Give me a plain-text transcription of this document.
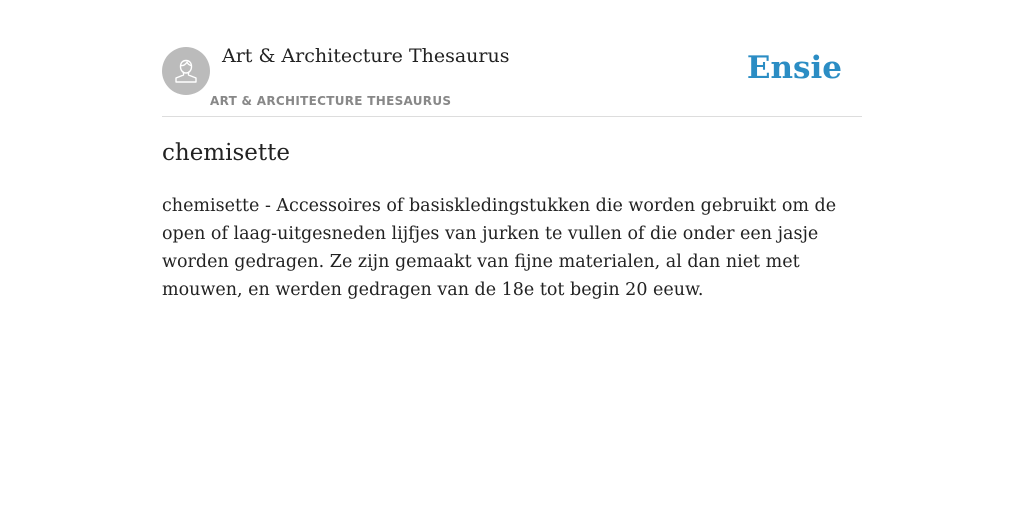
Art & Architecture Thesaurus
ART & ARCHITECTURE THESAURUS
Ensie
chemisette

chemisette - Accessoires of basiskledingstukken die worden gebruikt om de open of laag-uitgesneden lijfjes van jurken te vullen of die onder een jasje worden gedragen. Ze zijn gemaakt van fijne materialen, al dan niet met mouwen, en werden gedragen van de 18e tot begin 20 eeuw.
